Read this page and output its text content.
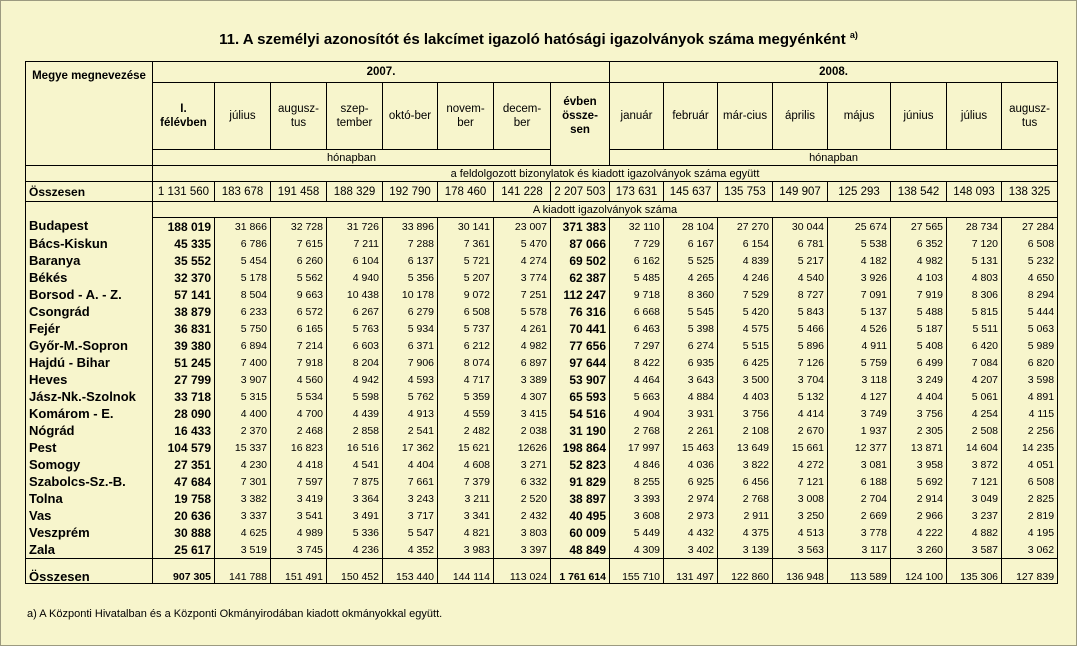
11. A személyi azonosítót és lakcímet igazoló hatósági igazolványok száma megyénként $^{a)}$
Megye megnevezése	2007.								2008.							
	I. félévben	július	augusz-tus	szep-tember	októ-ber	novem-ber	decem-ber	évben össze-sen	január	február	már-cius	április	május	június	július	augusz-tus
	hónapban								hónapban							
	a feldolgozott bizonylatok és kiadott igazolványok száma együtt															
Összesen	1 131 560	183 678	191 458	188 329	192 790	178 460	141 228	2 207 503	173 631	145 637	135 753	149 907	125 293	138 542	148 093	138 325
	A kiadott igazolványok száma															
Budapest	188 019	31 866	32 728	31 726	33 896	30 141	23 007	371 383	32 110	28 104	27 270	30 044	25 674	27 565	28 734	27 284
Bács-Kiskun	45 335	6 786	7 615	7 211	7 288	7 361	5 470	87 066	7 729	6 167	6 154	6 781	5 538	6 352	7 120	6 508
Baranya	35 552	5 454	6 260	6 104	6 137	5 721	4 274	69 502	6 162	5 525	4 839	5 217	4 182	4 982	5 131	5 232
Békés	32 370	5 178	5 562	4 940	5 356	5 207	3 774	62 387	5 485	4 265	4 246	4 540	3 926	4 103	4 803	4 650
Borsod - A. - Z.	57 141	8 504	9 663	10 438	10 178	9 072	7 251	112 247	9 718	8 360	7 529	8 727	7 091	7 919	8 306	8 294
Csongrád	38 879	6 233	6 572	6 267	6 279	6 508	5 578	76 316	6 668	5 545	5 420	5 843	5 137	5 488	5 815	5 444
Fejér	36 831	5 750	6 165	5 763	5 934	5 737	4 261	70 441	6 463	5 398	4 575	5 466	4 526	5 187	5 511	5 063
Győr-M.-Sopron	39 380	6 894	7 214	6 603	6 371	6 212	4 982	77 656	7 297	6 274	5 515	5 896	4 911	5 408	6 420	5 989
Hajdú - Bihar	51 245	7 400	7 918	8 204	7 906	8 074	6 897	97 644	8 422	6 935	6 425	7 126	5 759	6 499	7 084	6 820
Heves	27 799	3 907	4 560	4 942	4 593	4 717	3 389	53 907	4 464	3 643	3 500	3 704	3 118	3 249	4 207	3 598
Jász-Nk.-Szolnok	33 718	5 315	5 534	5 598	5 762	5 359	4 307	65 593	5 663	4 884	4 403	5 132	4 127	4 404	5 061	4 891
Komárom - E.	28 090	4 400	4 700	4 439	4 913	4 559	3 415	54 516	4 904	3 931	3 756	4 414	3 749	3 756	4 254	4 115
Nógrád	16 433	2 370	2 468	2 858	2 541	2 482	2 038	31 190	2 768	2 261	2 108	2 670	1 937	2 305	2 508	2 256
Pest	104 579	15 337	16 823	16 516	17 362	15 621	12626	198 864	17 997	15 463	13 649	15 661	12 377	13 871	14 604	14 235
Somogy	27 351	4 230	4 418	4 541	4 404	4 608	3 271	52 823	4 846	4 036	3 822	4 272	3 081	3 958	3 872	4 051
Szabolcs-Sz.-B.	47 684	7 301	7 597	7 875	7 661	7 379	6 332	91 829	8 255	6 925	6 456	7 121	6 188	5 692	7 121	6 508
Tolna	19 758	3 382	3 419	3 364	3 243	3 211	2 520	38 897	3 393	2 974	2 768	3 008	2 704	2 914	3 049	2 825
Vas	20 636	3 337	3 541	3 491	3 717	3 341	2 432	40 495	3 608	2 973	2 911	3 250	2 669	2 966	3 237	2 819
Veszprém	30 888	4 625	4 989	5 336	5 547	4 821	3 803	60 009	5 449	4 432	4 375	4 513	3 778	4 222	4 882	4 195
Zala	25 617	3 519	3 745	4 236	4 352	3 983	3 397	48 849	4 309	3 402	3 139	3 563	3 117	3 260	3 587	3 062
Összesen	907 305	141 788	151 491	150 452	153 440	144 114	113 024	1 761 614	155 710	131 497	122 860	136 948	113 589	124 100	135 306	127 839
a) A Központi Hivatalban és a Központi Okmányirodában kiadott okmányokkal együtt.
